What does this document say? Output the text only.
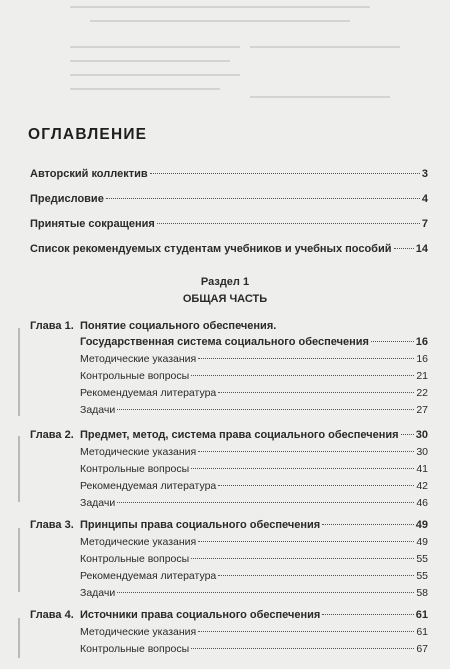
ОГЛАВЛЕНИЕ
Авторский коллектив	3
Предисловие	4
Принятые сокращения	7
Список рекомендуемых студентам учебников и учебных пособий 14
Раздел 1
ОБЩАЯ ЧАСТЬ
Глава 1. Понятие социального обеспечения.
Государственная система социального обеспечения	16
Методические указания	16
Контрольные вопросы	21
Рекомендуемая литература	22
Задачи	27
Глава 2. Предмет, метод, система права социального обеспечения 30
Методические указания	30
Контрольные вопросы	41
Рекомендуемая литература	42
Задачи	46
Глава 3. Принципы права социального обеспечения	49
Методические указания	49
Контрольные вопросы	55
Рекомендуемая литература	55
Задачи	58
Глава 4. Источники права социального обеспечения	61
Методические указания	61
Контрольные вопросы	67
